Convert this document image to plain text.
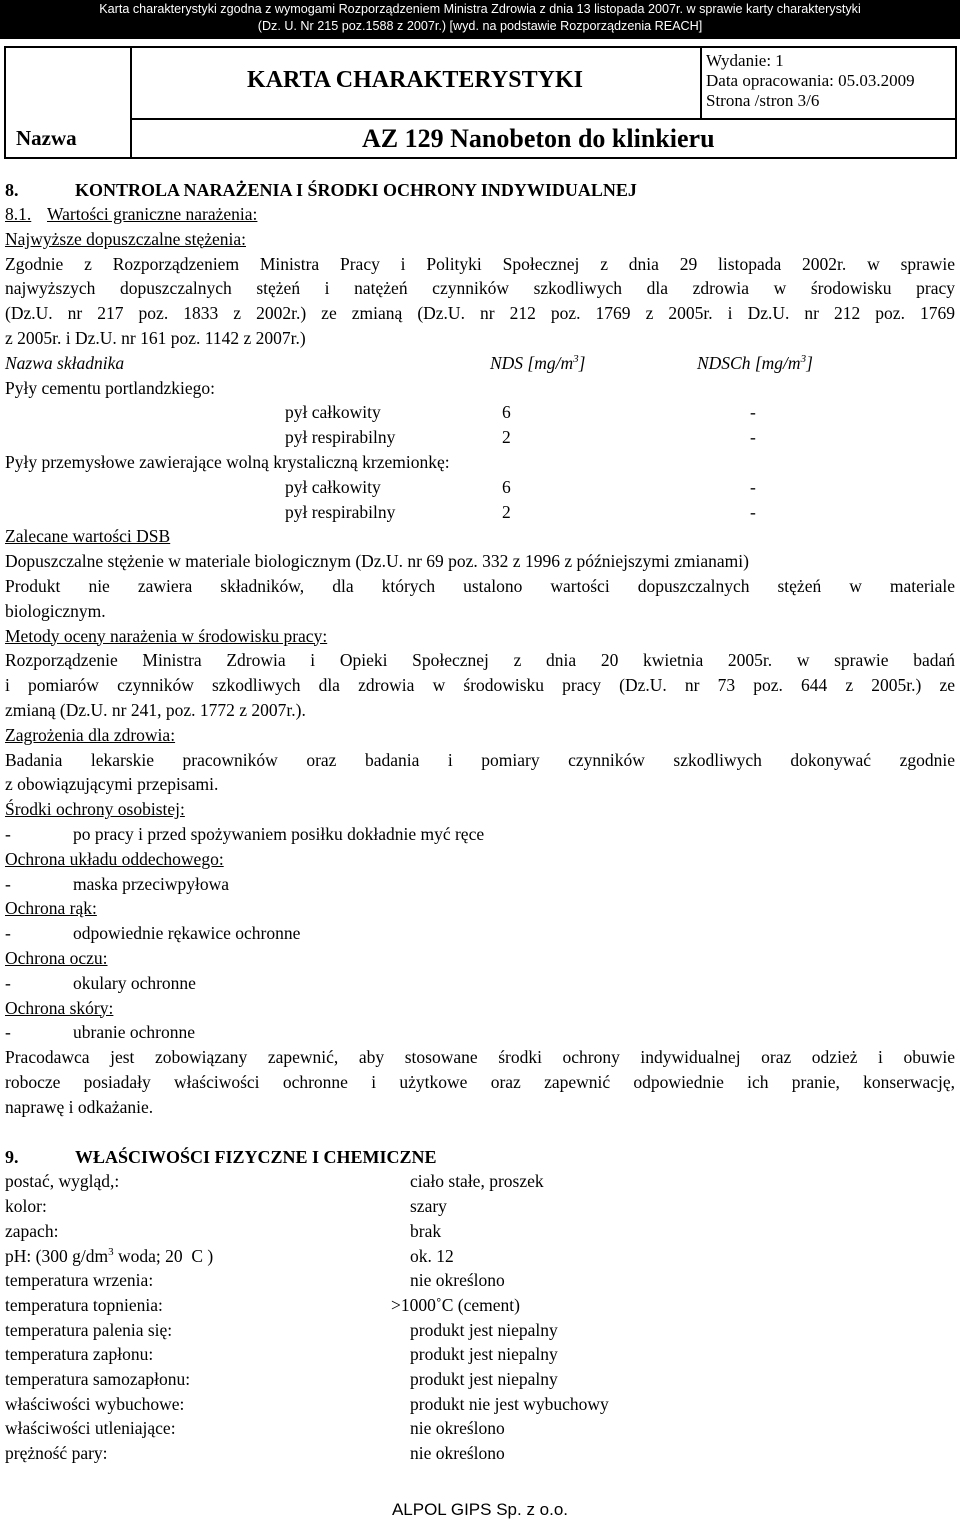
Karta charakterystyki zgodna z wymogami Rozporządzeniem Ministra Zdrowia z dnia 13 listopada 2007r. w sprawie karty charakterystyki
(Dz. U. Nr 215 poz.1588 z 2007r.) [wyd. na podstawie Rozporządzenia REACH]
Nazwa
KARTA CHARAKTERYSTYKI
AZ 129 Nanobeton do klinkieru
Wydanie: 1
Data opracowania: 05.03.2009
Strona /stron 3/6
8.	KONTROLA NARAŻENIA I ŚRODKI OCHRONY INDYWIDUALNEJ
8.1. Wartości graniczne narażenia:
Najwyższe dopuszczalne stężenia:
Zgodnie z Rozporządzeniem Ministra Pracy i Polityki Społecznej z dnia 29 listopada 2002r. w sprawie
najwyższych dopuszczalnych stężeń i natężeń czynników szkodliwych dla zdrowia w środowisku pracy
(Dz.U. nr 217 poz. 1833 z 2002r.) ze zmianą (Dz.U. nr 212 poz. 1769 z 2005r. i Dz.U. nr 212 poz. 1769
z 2005r. i Dz.U. nr 161 poz. 1142 z 2007r.)
Nazwa składnika	NDS $[mg/m^3]$	NDSCh $[mg/m^3]$
Pyły cementu portlandzkiego:
pył całkowity	6	-
pył respirabilny	2	-
Pyły przemysłowe zawierające wolną krystaliczną krzemionkę:
pył całkowity	6	-
pył respirabilny	2	-
Zalecane wartości DSB
Dopuszczalne stężenie w materiale biologicznym (Dz.U. nr 69 poz. 332 z 1996 z późniejszymi zmianami)
Produkt nie zawiera składników, dla których ustalono wartości dopuszczalnych stężeń w materiale
biologicznym.
Metody oceny narażenia w środowisku pracy:
Rozporządzenie Ministra Zdrowia i Opieki Społecznej z dnia 20 kwietnia 2005r. w sprawie badań
i pomiarów czynników szkodliwych dla zdrowia w środowisku pracy (Dz.U. nr 73 poz. 644 z 2005r.) ze
zmianą (Dz.U. nr 241, poz. 1772 z 2007r.).
Zagrożenia dla zdrowia:
Badania lekarskie pracowników oraz badania i pomiary czynników szkodliwych dokonywać zgodnie
z obowiązującymi przepisami.
Środki ochrony osobistej:
-	po pracy i przed spożywaniem posiłku dokładnie myć ręce
Ochrona układu oddechowego:
-	maska przeciwpyłowa
Ochrona rąk:
-	odpowiednie rękawice ochronne
Ochrona oczu:
-	okulary ochronne
Ochrona skóry:
-	ubranie ochronne
Pracodawca jest zobowiązany zapewnić, aby stosowane środki ochrony indywidualnej oraz odzież i obuwie
robocze posiadały właściwości ochronne i użytkowe oraz zapewnić odpowiednie ich pranie, konserwację,
naprawę i odkażanie.
9.	WŁAŚCIWOŚCI FIZYCZNE I CHEMICZNE
postać, wygląd,:	ciało stałe, proszek
kolor:	szary
zapach:	brak
pH: (300 $g/dm^3$ woda; 20  C )	ok. 12
temperatura wrzenia:	nie określono
temperatura topnienia:	>1000˚C (cement)
temperatura palenia się:	produkt jest niepalny
temperatura zapłonu:	produkt jest niepalny
temperatura samozapłonu:	produkt jest niepalny
właściwości wybuchowe:	produkt nie jest wybuchowy
właściwości utleniające:	nie określono
prężność pary:	nie określono
ALPOL GIPS Sp. z o.o.
